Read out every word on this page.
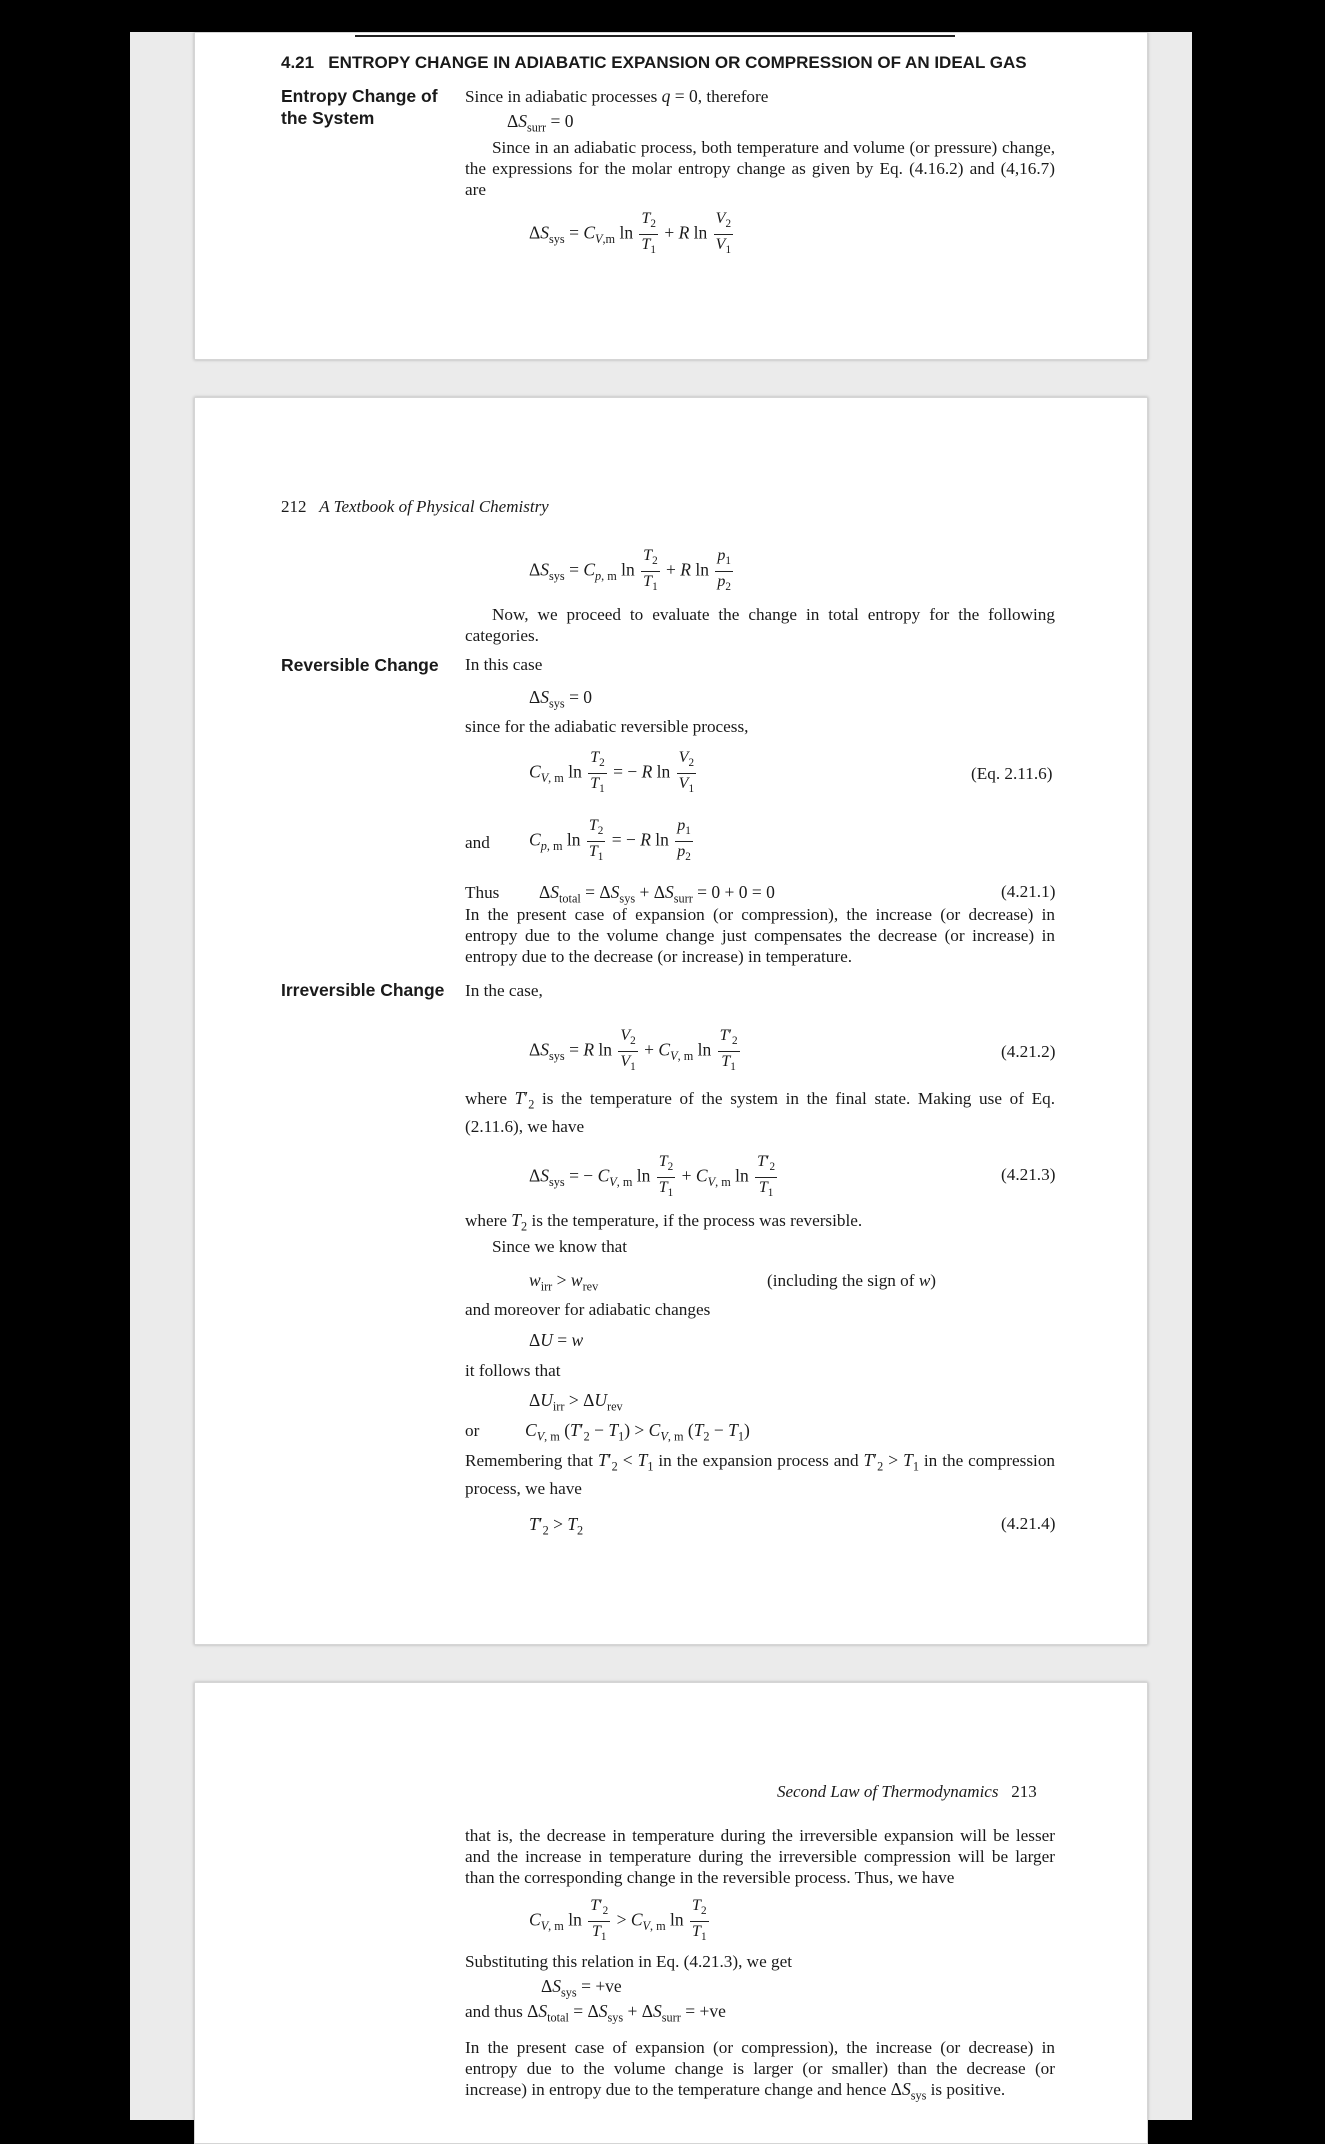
4.21 ENTROPY CHANGE IN ADIABATIC EXPANSION OR COMPRESSION OF AN IDEAL GAS
Entropy Change of
the System
Since in adiabatic processes q = 0, therefore
$\Delta S_{surr} = 0$
Since in an adiabatic process, both temperature and volume (or pressure) change, the expressions for the molar entropy change as given by Eq. (4.16.2) and (4,16.7) are
$\Delta S_{sys} = C_{V,m}$ $\ln \frac{T_2}{T_1} + R$ $\ln \frac{V_2}{V_1}$
212 A Textbook of Physical Chemistry
$\Delta S_{sys} = C_{p, m}$ $\ln \frac{T_2}{T_1} + R$ $\ln \frac{p_1}{p_2}$
Now, we proceed to evaluate the change in total entropy for the following categories.
Reversible Change In this case
$\Delta S_{sys} = 0$
since for the adiabatic reversible process,
$C_{V, m}$ $\ln \frac{T_2}{T_1}$ = − R $\ln \frac{V_2}{V_1}$	(Eq. 2.11.6)
and $C_{p, m}$ $\ln \frac{T_2}{T_1}$ = − R $\ln \frac{p_1}{p_2}$
Thus $\Delta S_{total} = \Delta S_{sys} + \Delta S_{surr} = 0 + 0 = 0$	(4.21.1)
In the present case of expansion (or compression), the increase (or decrease) in entropy due to the volume change just compensates the decrease (or increase) in entropy due to the decrease (or increase) in temperature.
Irreversible Change In the case,
$\Delta S_{sys} = R$ $\ln \frac{V_2}{V_1} + C_{V, m}$ $\ln \frac{T'_2}{T_1}$	(4.21.2)
where $T'_2$ is the temperature of the system in the final state. Making use of Eq. (2.11.6), we have
$\Delta S_{sys}$ = − $C_{V, m}$ $\ln \frac{T_2}{T_1} + C_{V, m}$ $\ln \frac{T'_2}{T_1}$	(4.21.3)
where $T_2$ is the temperature, if the process was reversible.
Since we know that
$w_{irr} > w_{rev}$	(including the sign of w)
and moreover for adiabatic changes
ΔU = w
it follows that
$\Delta U_{irr} > \Delta U_{rev}$
or	$C_{V, m}$ $(T'_2 - T_1) > C_{V, m}$ $(T_2 - T_1)$
Remembering that $T'_2 < T_1$ in the expansion process and $T'_2 > T_1$ in the compression process, we have
$T'_2 > T_2$	(4.21.4)
Second Law of Thermodynamics 213
that is, the decrease in temperature during the irreversible expansion will be lesser and the increase in temperature during the irreversible compression will be larger than the corresponding change in the reversible process. Thus, we have
$C_{V, m}$ $\ln \frac{T'_2}{T_1} > C_{V, m}$ $\ln \frac{T_2}{T_1}$
Substituting this relation in Eq. (4.21.3), we get
$\Delta S_{sys} = +ve$
and thus $\Delta S_{total} = \Delta S_{sys} + \Delta S_{surr} = +ve$
In the present case of expansion (or compression), the increase (or decrease) in entropy due to the volume change is larger (or smaller) than the decrease (or increase) in entropy due to the temperature change and hence $\Delta S_{sys}$ is positive.
